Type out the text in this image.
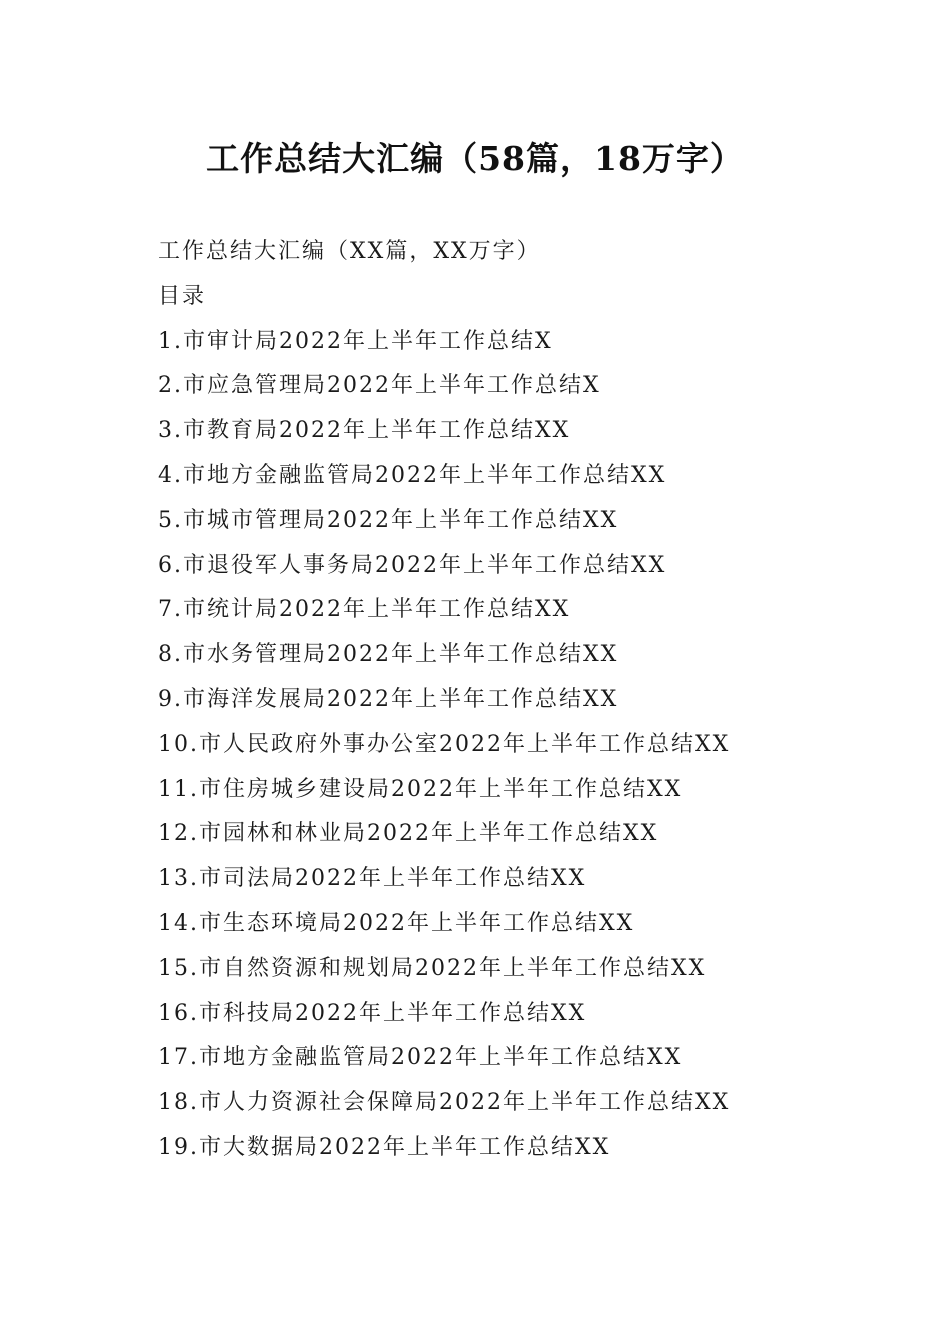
工作总结大汇编（58篇，18万字）
工作总结大汇编（XX篇，XX万字）
目录
1.市审计局2022年上半年工作总结X
2.市应急管理局2022年上半年工作总结X
3.市教育局2022年上半年工作总结XX
4.市地方金融监管局2022年上半年工作总结XX
5.市城市管理局2022年上半年工作总结XX
6.市退役军人事务局2022年上半年工作总结XX
7.市统计局2022年上半年工作总结XX
8.市水务管理局2022年上半年工作总结XX
9.市海洋发展局2022年上半年工作总结XX
10.市人民政府外事办公室2022年上半年工作总结XX
11.市住房城乡建设局2022年上半年工作总结XX
12.市园林和林业局2022年上半年工作总结XX
13.市司法局2022年上半年工作总结XX
14.市生态环境局2022年上半年工作总结XX
15.市自然资源和规划局2022年上半年工作总结XX
16.市科技局2022年上半年工作总结XX
17.市地方金融监管局2022年上半年工作总结XX
18.市人力资源社会保障局2022年上半年工作总结XX
19.市大数据局2022年上半年工作总结XX
